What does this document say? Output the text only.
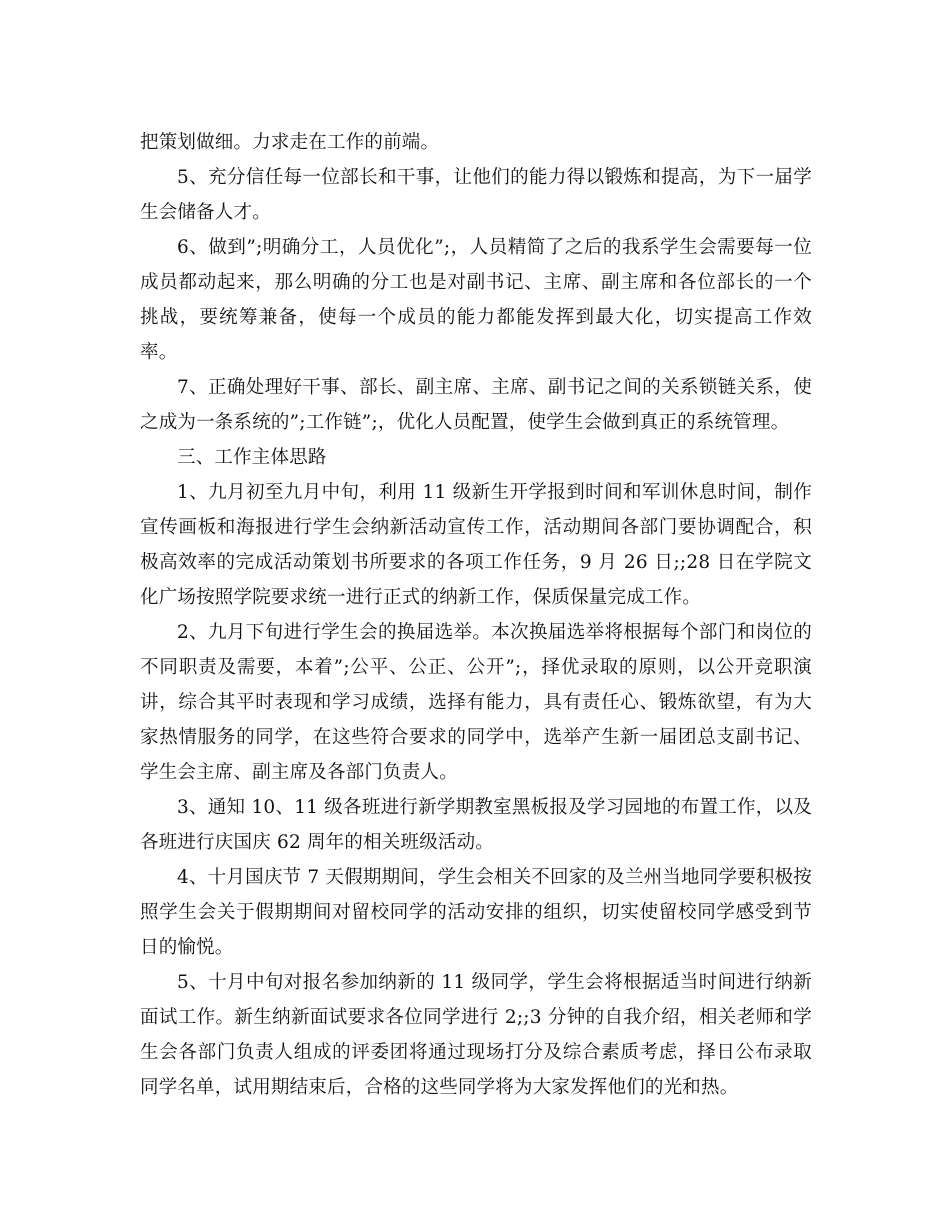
把策划做细。力求走在工作的前端。

5、充分信任每一位部长和干事，让他们的能力得以锻炼和提高，为下一届学生会储备人才。

6、做到”;明确分工，人员优化”;，人员精简了之后的我系学生会需要每一位成员都动起来，那么明确的分工也是对副书记、主席、副主席和各位部长的一个挑战，要统筹兼备，使每一个成员的能力都能发挥到最大化，切实提高工作效率。

7、正确处理好干事、部长、副主席、主席、副书记之间的关系锁链关系，使之成为一条系统的”;工作链”;，优化人员配置，使学生会做到真正的系统管理。

三、工作主体思路

1、九月初至九月中旬，利用 11 级新生开学报到时间和军训休息时间，制作宣传画板和海报进行学生会纳新活动宣传工作，活动期间各部门要协调配合，积极高效率的完成活动策划书所要求的各项工作任务，9 月 26 日;;28 日在学院文化广场按照学院要求统一进行正式的纳新工作，保质保量完成工作。

2、九月下旬进行学生会的换届选举。本次换届选举将根据每个部门和岗位的不同职责及需要，本着”;公平、公正、公开”;，择优录取的原则，以公开竞职演讲，综合其平时表现和学习成绩，选择有能力，具有责任心、锻炼欲望，有为大家热情服务的同学，在这些符合要求的同学中，选举产生新一届团总支副书记、学生会主席、副主席及各部门负责人。

3、通知 10、11 级各班进行新学期教室黑板报及学习园地的布置工作，以及各班进行庆国庆 62 周年的相关班级活动。

4、十月国庆节 7 天假期期间，学生会相关不回家的及兰州当地同学要积极按照学生会关于假期期间对留校同学的活动安排的组织，切实使留校同学感受到节日的愉悦。

5、十月中旬对报名参加纳新的 11 级同学，学生会将根据适当时间进行纳新面试工作。新生纳新面试要求各位同学进行 2;;3 分钟的自我介绍，相关老师和学生会各部门负责人组成的评委团将通过现场打分及综合素质考虑，择日公布录取同学名单，试用期结束后，合格的这些同学将为大家发挥他们的光和热。
